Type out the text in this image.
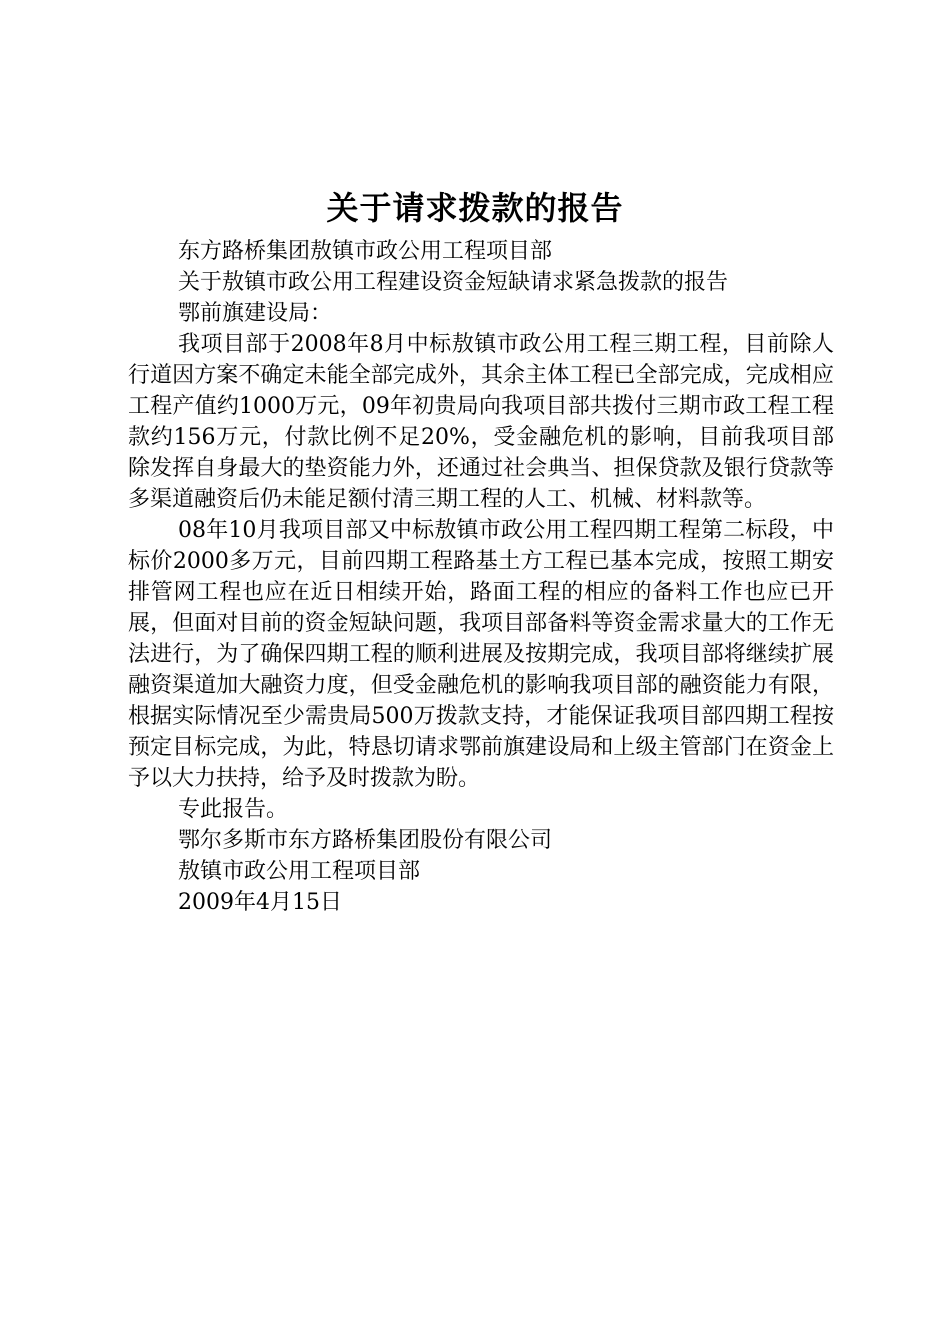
关于请求拨款的报告
东方路桥集团敖镇市政公用工程项目部
关于敖镇市政公用工程建设资金短缺请求紧急拨款的报告
鄂前旗建设局：

我项目部于2008年8月中标敖镇市政公用工程三期工程，目前除人行道因方案不确定未能全部完成外，其余主体工程已全部完成，完成相应工程产值约1000万元，09年初贵局向我项目部共拨付三期市政工程工程款约156万元，付款比例不足20%，受金融危机的影响，目前我项目部除发挥自身最大的垫资能力外，还通过社会典当、担保贷款及银行贷款等多渠道融资后仍未能足额付清三期工程的人工、机械、材料款等。

08年10月我项目部又中标敖镇市政公用工程四期工程第二标段，中标价2000多万元，目前四期工程路基土方工程已基本完成，按照工期安排管网工程也应在近日相续开始，路面工程的相应的备料工作也应已开展，但面对目前的资金短缺问题，我项目部备料等资金需求量大的工作无法进行，为了确保四期工程的顺利进展及按期完成，我项目部将继续扩展融资渠道加大融资力度，但受金融危机的影响我项目部的融资能力有限，根据实际情况至少需贵局500万拨款支持，才能保证我项目部四期工程按预定目标完成，为此，特恳切请求鄂前旗建设局和上级主管部门在资金上予以大力扶持，给予及时拨款为盼。

专此报告。
鄂尔多斯市东方路桥集团股份有限公司
敖镇市政公用工程项目部
2009年4月15日
